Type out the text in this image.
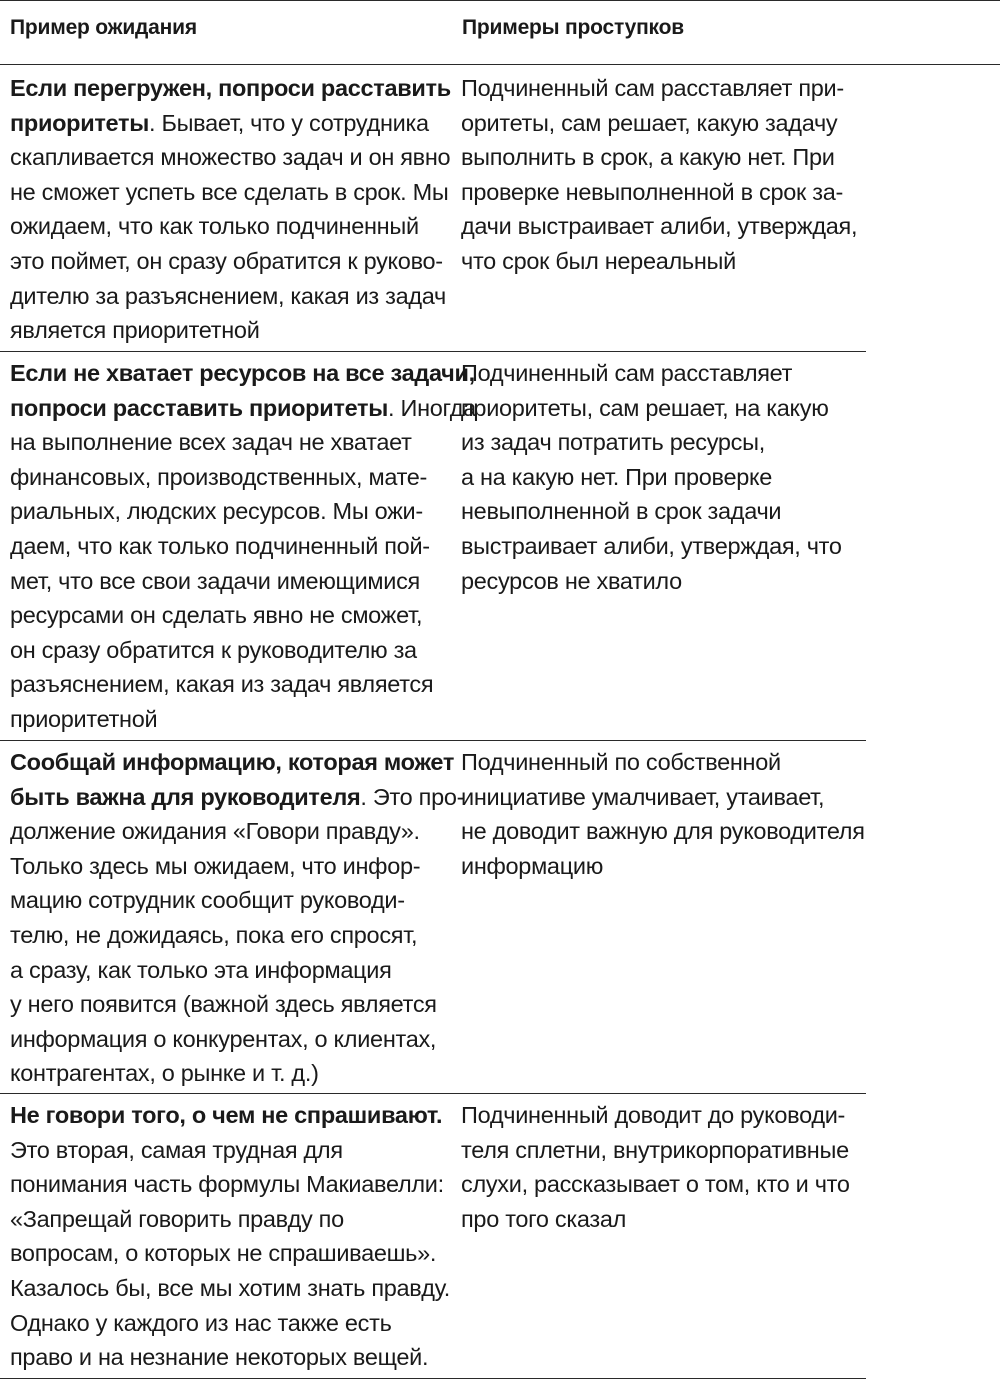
Пример ожидания	Примеры проступков
Если перегружен, попроси расставить
приоритеты. Бывает, что у сотрудника
скапливается множество задач и он явно
не сможет успеть все сделать в срок. Мы
ожидаем, что как только подчиненный
это поймет, он сразу обратится к руково-
дителю за разъяснением, какая из задач
является приоритетной
Подчиненный сам расставляет при-
оритеты, сам решает, какую задачу
выполнить в срок, а какую нет. При
проверке невыполненной в срок за-
дачи выстраивает алиби, утверждая,
что срок был нереальный
Если не хватает ресурсов на все задачи,
попроси расставить приоритеты. Иногда
на выполнение всех задач не хватает
финансовых, производственных, мате-
риальных, людских ресурсов. Мы ожи-
даем, что как только подчиненный пой-
мет, что все свои задачи имеющимися
ресурсами он сделать явно не сможет,
он сразу обратится к руководителю за
разъяснением, какая из задач является
приоритетной
Подчиненный сам расставляет
приоритеты, сам решает, на какую
из задач потратить ресурсы,
а на какую нет. При проверке
невыполненной в срок задачи
выстраивает алиби, утверждая, что
ресурсов не хватило
Сообщай информацию, которая может
быть важна для руководителя. Это про-
должение ожидания «Говори правду».
Только здесь мы ожидаем, что инфор-
мацию сотрудник сообщит руководи-
телю, не дожидаясь, пока его спросят,
а сразу, как только эта информация
у него появится (важной здесь является
информация о конкурентах, о клиентах,
контрагентах, о рынке и т. д.)
Подчиненный по собственной
инициативе умалчивает, утаивает,
не доводит важную для руководителя
информацию
Не говори того, о чем не спрашивают.
Это вторая, самая трудная для
понимания часть формулы Макиавелли:
«Запрещай говорить правду по
вопросам, о которых не спрашиваешь».
Казалось бы, все мы хотим знать правду.
Однако у каждого из нас также есть
право и на незнание некоторых вещей.
Подчиненный доводит до руководи-
теля сплетни, внутрикорпоративные
слухи, рассказывает о том, кто и что
про того сказал
